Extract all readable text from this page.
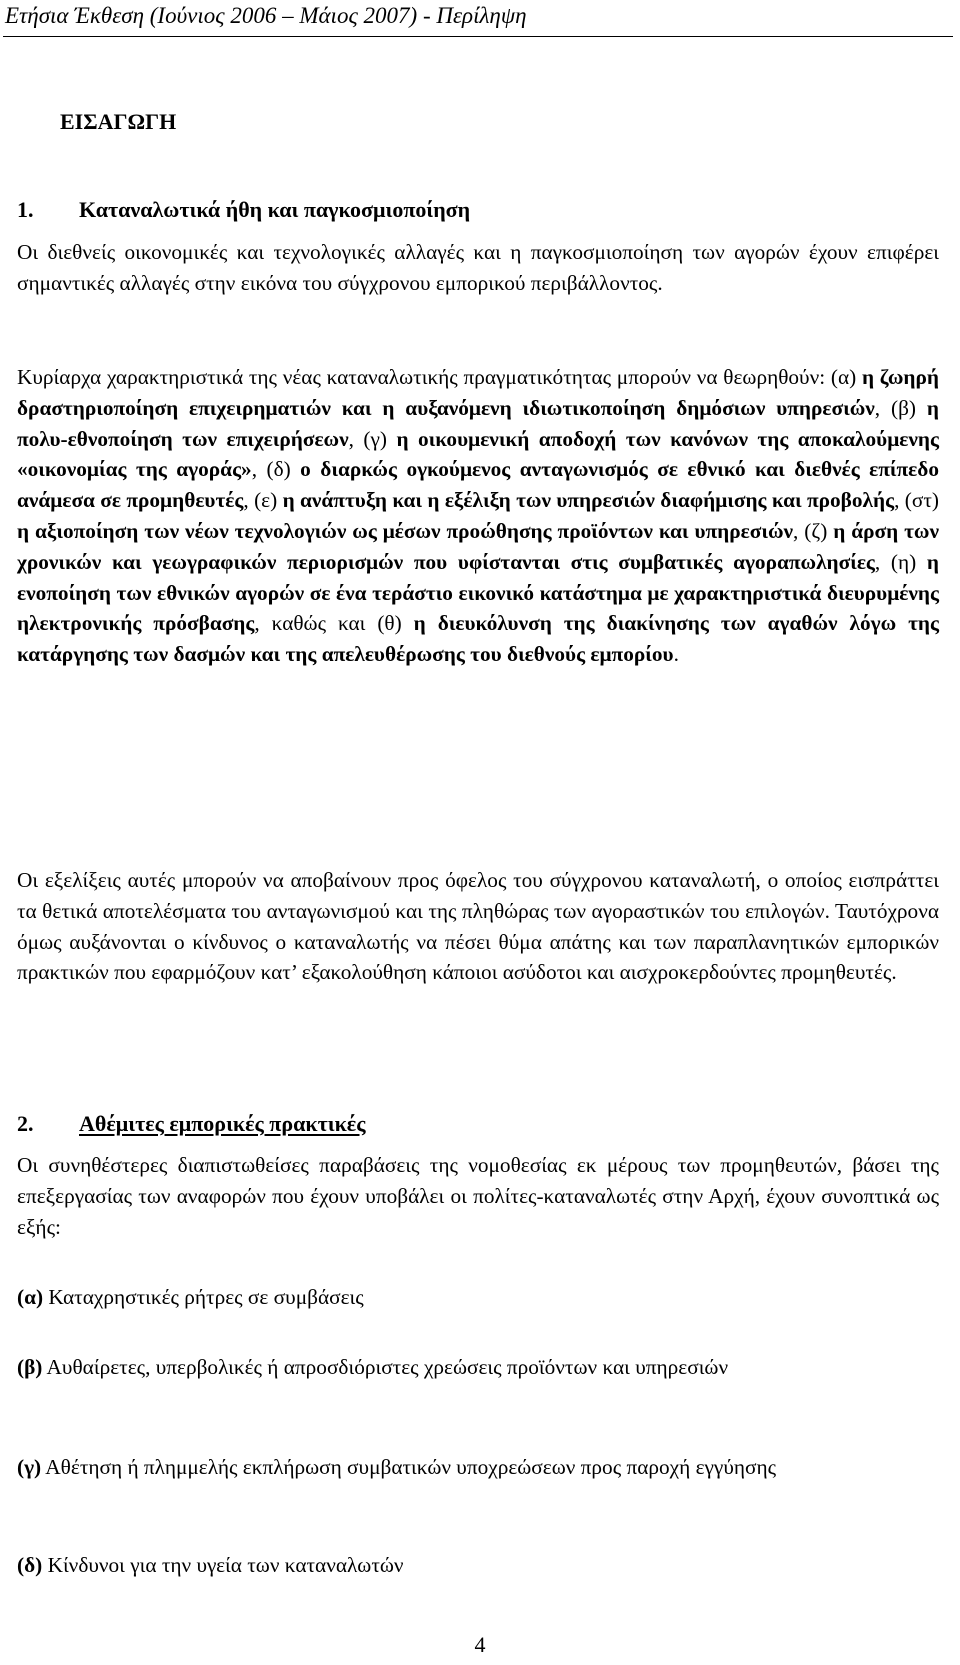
Ετήσια Έκθεση (Ιούνιος 2006 – Μάιος 2007) - Περίληψη
ΕΙΣΑΓΩΓΗ
1. Καταναλωτικά ήθη και παγκοσμιοποίηση
Οι διεθνείς οικονομικές και τεχνολογικές αλλαγές και η παγκοσμιοποίηση των αγορών έχουν επιφέρει σημαντικές αλλαγές στην εικόνα του σύγχρονου εμπορικού περιβάλλοντος.
Κυρίαρχα χαρακτηριστικά της νέας καταναλωτικής πραγματικότητας μπορούν να θεωρηθούν: (α) η ζωηρή δραστηριοποίηση επιχειρηματιών και η αυξανόμενη ιδιωτικοποίηση δημόσιων υπηρεσιών, (β) η πολυ-εθνοποίηση των επιχειρήσεων, (γ) η οικουμενική αποδοχή των κανόνων της αποκαλούμενης «οικονομίας της αγοράς», (δ) ο διαρκώς ογκούμενος ανταγωνισμός σε εθνικό και διεθνές επίπεδο ανάμεσα σε προμηθευτές, (ε) η ανάπτυξη και η εξέλιξη των υπηρεσιών διαφήμισης και προβολής, (στ) η αξιοποίηση των νέων τεχνολογιών ως μέσων προώθησης προϊόντων και υπηρεσιών, (ζ) η άρση των χρονικών και γεωγραφικών περιορισμών που υφίστανται στις συμβατικές αγοραπωλησίες, (η) η ενοποίηση των εθνικών αγορών σε ένα τεράστιο εικονικό κατάστημα με χαρακτηριστικά διευρυμένης ηλεκτρονικής πρόσβασης, καθώς και (θ) η διευκόλυνση της διακίνησης των αγαθών λόγω της κατάργησης των δασμών και της απελευθέρωσης του διεθνούς εμπορίου.
Οι εξελίξεις αυτές μπορούν να αποβαίνουν προς όφελος του σύγχρονου καταναλωτή, ο οποίος εισπράττει τα θετικά αποτελέσματα του ανταγωνισμού και της πληθώρας των αγοραστικών του επιλογών. Ταυτόχρονα όμως αυξάνονται ο κίνδυνος ο καταναλωτής να πέσει θύμα απάτης και των παραπλανητικών εμπορικών πρακτικών που εφαρμόζουν κατ’ εξακολούθηση κάποιοι ασύδοτοι και αισχροκερδούντες προμηθευτές.
2. Αθέμιτες εμπορικές πρακτικές
Οι συνηθέστερες διαπιστωθείσες παραβάσεις της νομοθεσίας εκ μέρους των προμηθευτών, βάσει της επεξεργασίας των αναφορών που έχουν υποβάλει οι πολίτες-καταναλωτές στην Αρχή, έχουν συνοπτικά ως εξής:
(α) Καταχρηστικές ρήτρες σε συμβάσεις
(β) Αυθαίρετες, υπερβολικές ή απροσδιόριστες χρεώσεις προϊόντων και υπηρεσιών
(γ) Αθέτηση ή πλημμελής εκπλήρωση συμβατικών υποχρεώσεων προς παροχή εγγύησης
(δ) Κίνδυνοι για την υγεία των καταναλωτών
4
